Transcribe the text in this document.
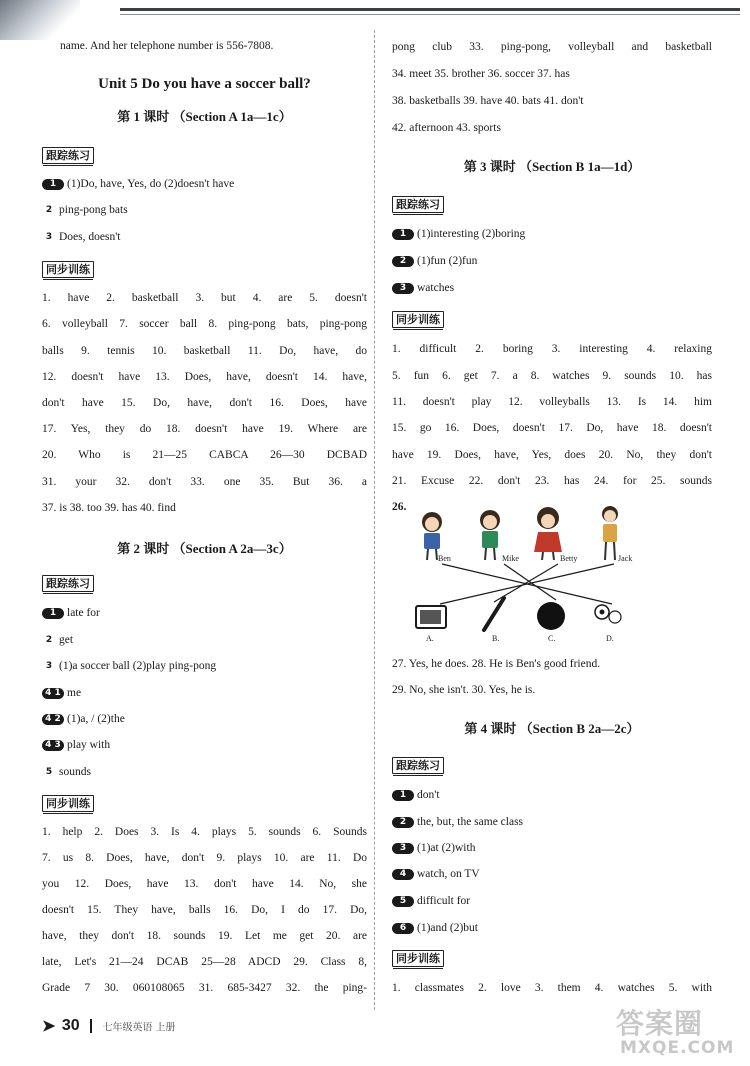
name. And her telephone number is 556-7808.
Unit 5 Do you have a soccer ball?
第 1 课时 （Section A 1a—1c）
跟踪练习
1 (1)Do, have, Yes, do (2)doesn't have
2 ping-pong bats
3 Does, doesn't
同步训练
1. have 2. basketball 3. but 4. are 5. doesn't
6. volleyball 7. soccer ball 8. ping-pong bats, ping-pong
balls 9. tennis 10. basketball 11. Do, have, do
12. doesn't have 13. Does, have, doesn't 14. have,
don't have 15. Do, have, don't 16. Does, have
17. Yes, they do 18. doesn't have 19. Where are
20. Who is 21—25 CABCA 26—30 DCBAD
31. your 32. don't 33. one 35. But 36. a
37. is 38. too 39. has 40. find
第 2 课时 （Section A 2a—3c）
跟踪练习
1 late for
2 get
3 (1)a soccer ball (2)play ping-pong
4 1 me
4 2 (1)a, / (2)the
4 3 play with
5 sounds
同步训练
1. help 2. Does 3. Is 4. plays 5. sounds 6. Sounds
7. us 8. Does, have, don't 9. plays 10. are 11. Do
you 12. Does, have 13. don't have 14. No, she
doesn't 15. They have, balls 16. Do, I do 17. Do,
have, they don't 18. sounds 19. Let me get 20. are
late, Let's 21—24 DCAB 25—28 ADCD 29. Class 8,
Grade 7 30. 060108065 31. 685-3427 32. the ping-
pong club 33. ping-pong, volleyball and basketball
34. meet 35. brother 36. soccer 37. has
38. basketballs 39. have 40. bats 41. don't
42. afternoon 43. sports
第 3 课时 （Section B 1a—1d）
跟踪练习
1 (1)interesting (2)boring
2 (1)fun (2)fun
3 watches
同步训练
1. difficult 2. boring 3. interesting 4. relaxing
5. fun 6. get 7. a 8. watches 9. sounds 10. has
11. doesn't play 12. volleyballs 13. Is 14. him
15. go 16. Does, doesn't 17. Do, have 18. doesn't
have 19. Does, have, Yes, does 20. No, they don't
21. Excuse 22. don't 23. has 24. for 25. sounds
26.
Ben	Mike	Betty	Jack
A.	B.	C.	D.
27. Yes, he does. 28. He is Ben's good friend.
29. No, she isn't. 30. Yes, he is.
第 4 课时 （Section B 2a—2c）
跟踪练习
1 don't
2 the, but, the same class
3 (1)at (2)with
4 watch, on TV
5 difficult for
6 (1)and (2)but
同步训练
1. classmates 2. love 3. them 4. watches 5. with
➤ 30 七年级英语 上册	答案圈
MXQE.COM
